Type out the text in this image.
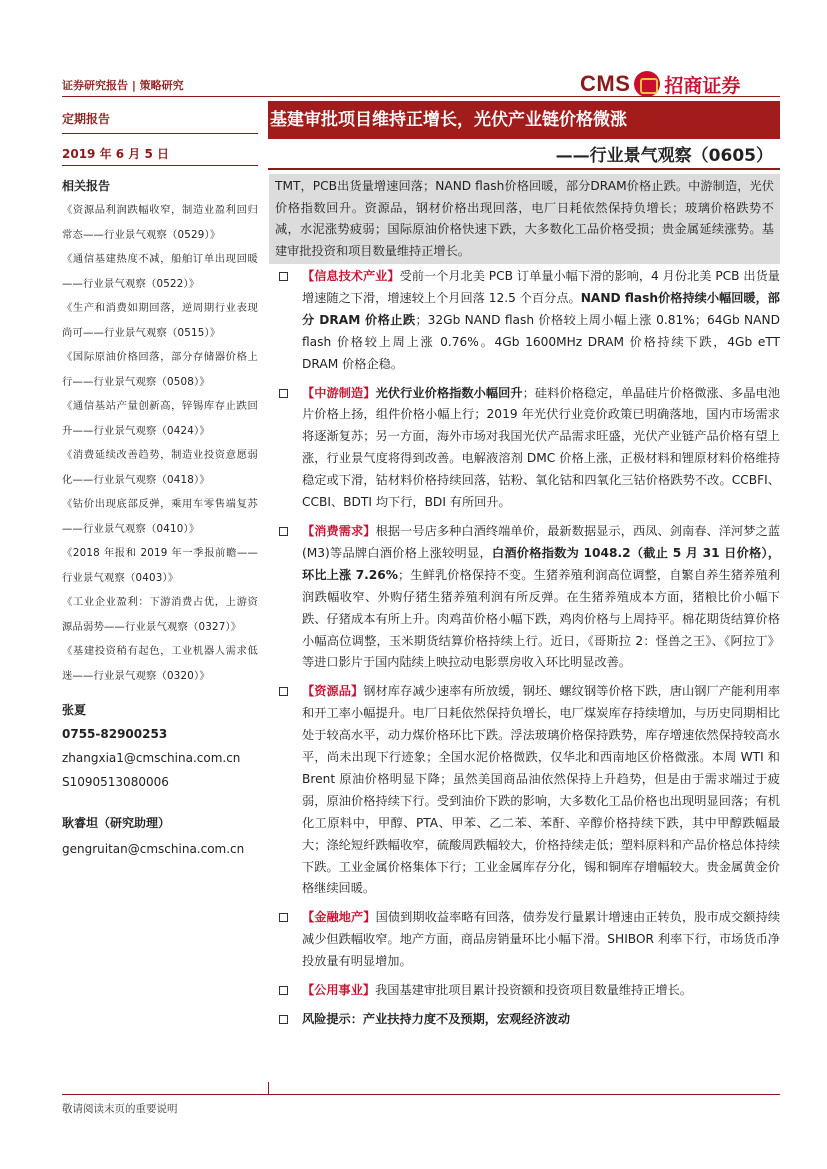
证券研究报告 | 策略研究	CMS 招商证券
基建审批项目维持正增长，光伏产业链价格微涨
——行业景气观察（0605）
定期报告
2019 年 6 月 5 日
相关报告
《资源品利润跌幅收窄，制造业盈利回归常态——行业景气观察（0529）》
《通信基建热度不减，船舶订单出现回暖——行业景气观察（0522）》
《生产和消费如期回落，逆周期行业表现尚可——行业景气观察（0515）》
《国际原油价格回落，部分存储器价格上行——行业景气观察（0508）》
《通信基站产量创新高，锌锡库存止跌回升——行业景气观察（0424）》
《消费延续改善趋势，制造业投资意愿弱化——行业景气观察（0418）》
《钴价出现底部反弹，乘用车零售端复苏——行业景气观察（0410）》
《2018 年报和 2019 年一季报前瞻——行业景气观察（0403）》
《工业企业盈利：下游消费占优，上游资源品弱势——行业景气观察（0327）》
《基建投资稍有起色，工业机器人需求低迷——行业景气观察（0320）》
张夏
0755-82900253
zhangxia1@cmschina.com.cn
S1090513080006
耿睿坦（研究助理）
gengruitan@cmschina.com.cn
TMT，PCB出货量增速回落；NAND flash价格回暖，部分DRAM价格止跌。中游制造，光伏价格指数回升。资源品，钢材价格出现回落，电厂日耗依然保持负增长；玻璃价格跌势不减，水泥涨势疲弱；国际原油价格快速下跌，大多数化工品价格受损；贵金属延续涨势。基建审批投资和项目数量维持正增长。
【信息技术产业】受前一个月北美 PCB 订单量小幅下滑的影响，4 月份北美 PCB 出货量增速随之下滑，增速较上个月回落 12.5 个百分点。NAND flash价格持续小幅回暖，部分 DRAM 价格止跌；32Gb NAND flash 价格较上周小幅上涨 0.81%；64Gb NAND flash 价格较上周上涨 0.76%。4Gb 1600MHz DRAM 价格持续下跌，4Gb eTT DRAM 价格企稳。
【中游制造】光伏行业价格指数小幅回升；硅料价格稳定，单晶硅片价格微涨、多晶电池片价格上扬，组件价格小幅上行；2019 年光伏行业竞价政策已明确落地，国内市场需求将逐渐复苏；另一方面，海外市场对我国光伏产品需求旺盛，光伏产业链产品价格有望上涨，行业景气度将得到改善。电解液溶剂 DMC 价格上涨，正极材料和锂原材料价格维持稳定或下滑，钴材料价格持续回落，钴粉、氧化钴和四氧化三钴价格跌势不改。CCBFI、CCBI、BDTI 均下行，BDI 有所回升。
【消费需求】根据一号店多种白酒终端单价，最新数据显示，西凤、剑南春、洋河梦之蓝(M3)等品牌白酒价格上涨较明显，白酒价格指数为 1048.2（截止 5 月 31 日价格），环比上涨 7.26%；生鲜乳价格保持不变。生猪养殖利润高位调整，自繁自养生猪养殖利润跌幅收窄、外购仔猪生猪养殖利润有所反弹。在生猪养殖成本方面，猪粮比价小幅下跌、仔猪成本有所上升。肉鸡苗价格小幅下跌，鸡肉价格与上周持平。棉花期货结算价格小幅高位调整，玉米期货结算价格持续上行。近日，《哥斯拉 2：怪兽之王》、《阿拉丁》等进口影片于国内陆续上映拉动电影票房收入环比明显改善。
【资源品】钢材库存减少速率有所放缓，钢坯、螺纹钢等价格下跌，唐山钢厂产能利用率和开工率小幅提升。电厂日耗依然保持负增长，电厂煤炭库存持续增加，与历史同期相比处于较高水平，动力煤价格环比下跌。浮法玻璃价格保持跌势，库存增速依然保持较高水平，尚未出现下行迹象；全国水泥价格微跌，仅华北和西南地区价格微涨。本周 WTI 和 Brent 原油价格明显下降；虽然美国商品油依然保持上升趋势，但是由于需求端过于疲弱，原油价格持续下行。受到油价下跌的影响，大多数化工品价格也出现明显回落；有机化工原料中，甲醇、PTA、甲苯、乙二苯、苯酐、辛醇价格持续下跌，其中甲醇跌幅最大；涤纶短纤跌幅收窄，硫酸周跌幅较大，价格持续走低；塑料原料和产品价格总体持续下跌。工业金属价格集体下行；工业金属库存分化，锡和铜库存增幅较大。贵金属黄金价格继续回暖。
【金融地产】国债到期收益率略有回落，债券发行量累计增速由正转负，股市成交额持续减少但跌幅收窄。地产方面，商品房销量环比小幅下滑。SHIBOR 利率下行，市场货币净投放量有明显增加。
【公用事业】我国基建审批项目累计投资额和投资项目数量维持正增长。
风险提示：产业扶持力度不及预期，宏观经济波动
敬请阅读末页的重要说明
